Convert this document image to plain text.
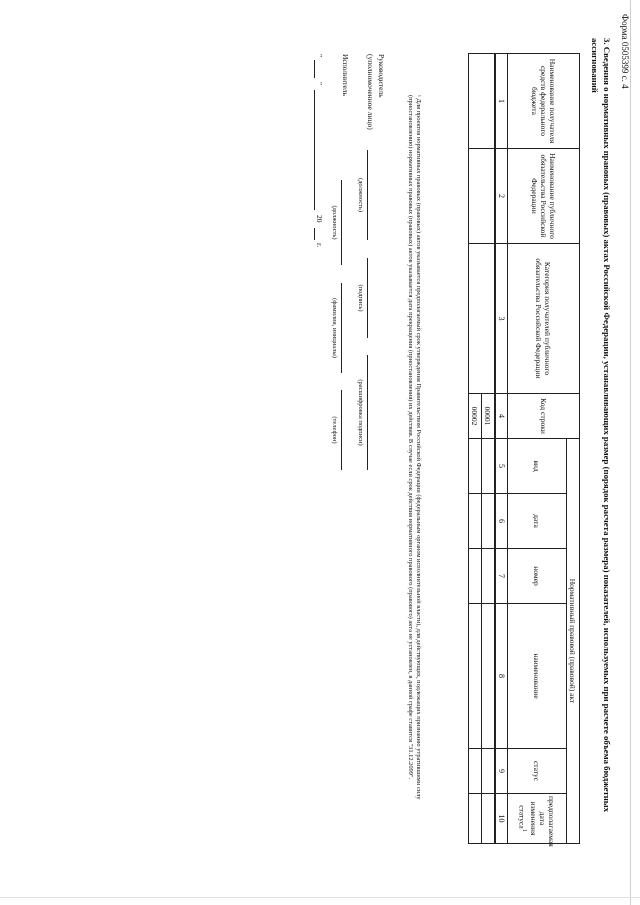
Форма 0505399 с. 4
3. Сведения о нормативных правовых (правовых) актах Российской Федерации, устанавливающих размер (порядок расчета размера) показателей, используемых при расчете объема бюджетных ассигнований
Наименование получателя средств федерального бюджета	Наименование публичного обязательства Российской Федерации	Категория получателей публичного обязательства Российской Федерации	Код строки	Нормативный правовой (правовой) акт					
				вид	дата	номер	наименование	статус	предполагаемая дата изменения статуса$^1$
1	2	3	4	5	6	7	8	9	10
			00001						
			00002						
¹ Для проектов нормативных правовых (правовых) актов указывается предполагаемый срок утверждения Правительством Российской Федерации (федеральным органом исполнительной власти), для действующих, подлежащих признанию утратившими силу (приостановлению) нормативных правовых (правовых) актов указывается дата прекращения (приостановления) их действия. В случае если срок действия нормативного правового (правового) акта не установлен, в данной графе ставится "31.12.2099".
Руководитель
(уполномоченное лицо)
(должность)
(подпись)
(расшифровка подписи)
Исполнитель
(должность)
(фамилия, инициалы)
(телефон)
"
"
20
г.
